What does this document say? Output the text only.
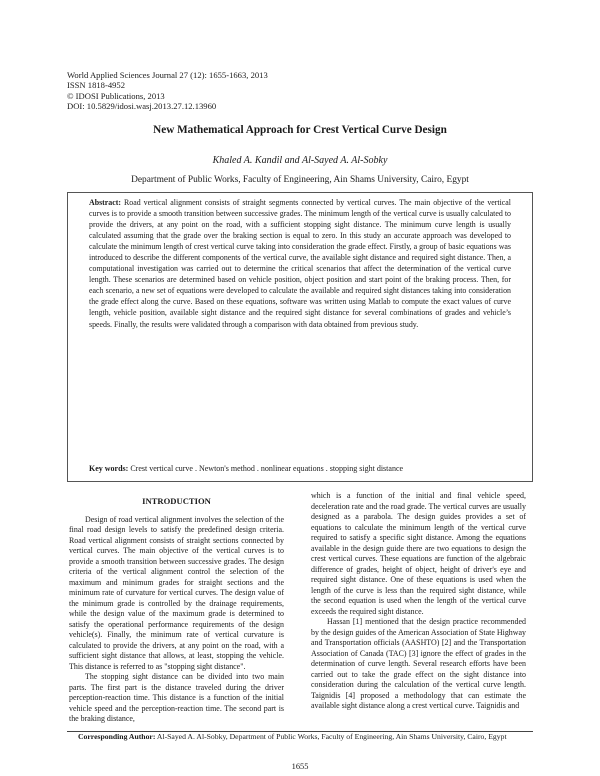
World Applied Sciences Journal 27 (12): 1655-1663, 2013
ISSN 1818-4952
© IDOSI Publications, 2013
DOI: 10.5829/idosi.wasj.2013.27.12.13960
New Mathematical Approach for Crest Vertical Curve Design
Khaled A. Kandil and Al-Sayed A. Al-Sobky
Department of Public Works, Faculty of Engineering, Ain Shams University, Cairo, Egypt
Abstract: Road vertical alignment consists of straight segments connected by vertical curves. The main objective of the vertical curves is to provide a smooth transition between successive grades. The minimum length of the vertical curve is usually calculated to provide the drivers, at any point on the road, with a sufficient stopping sight distance. The minimum curve length is usually calculated assuming that the grade over the braking section is equal to zero. In this study an accurate approach was developed to calculate the minimum length of crest vertical curve taking into consideration the grade effect. Firstly, a group of basic equations was introduced to describe the different components of the vertical curve, the available sight distance and required sight distance. Then, a computational investigation was carried out to determine the critical scenarios that affect the determination of the vertical curve length. These scenarios are determined based on vehicle position, object position and start point of the braking process. Then, for each scenario, a new set of equations were developed to calculate the available and required sight distances taking into consideration the grade effect along the curve. Based on these equations, software was written using Matlab to compute the exact values of curve length, vehicle position, available sight distance and the required sight distance for several combinations of grades and vehicle’s speeds. Finally, the results were validated through a comparison with data obtained from previous study.
Key words: Crest vertical curve . Newton's method . nonlinear equations . stopping sight distance
INTRODUCTION

Design of road vertical alignment involves the selection of the final road design levels to satisfy the predefined design criteria. Road vertical alignment consists of straight sections connected by vertical curves. The main objective of the vertical curves is to provide a smooth transition between successive grades. The design criteria of the vertical alignment control the selection of the maximum and minimum grades for straight sections and the minimum rate of curvature for vertical curves. The design value of the minimum grade is controlled by the drainage requirements, while the design value of the maximum grade is determined to satisfy the operational performance requirements of the design vehicle(s). Finally, the minimum rate of vertical curvature is calculated to provide the drivers, at any point on the road, with a sufficient sight distance that allows, at least, stopping the vehicle. This distance is referred to as "stopping sight distance".

The stopping sight distance can be divided into two main parts. The first part is the distance traveled during the driver perception-reaction time. This distance is a function of the initial vehicle speed and the perception-reaction time. The second part is the braking distance,

which is a function of the initial and final vehicle speed, deceleration rate and the road grade. The vertical curves are usually designed as a parabola. The design guides provides a set of equations to calculate the minimum length of the vertical curve required to satisfy a specific sight distance. Among the equations available in the design guide there are two equations to design the crest vertical curves. These equations are function of the algebraic difference of grades, height of object, height of driver's eye and required sight distance. One of these equations is used when the length of the curve is less than the required sight distance, while the second equation is used when the length of the vertical curve exceeds the required sight distance.

Hassan [1] mentioned that the design practice recommended by the design guides of the American Association of State Highway and Transportation officials (AASHTO) [2] and the Transportation Association of Canada (TAC) [3] ignore the effect of grades in the determination of curve length. Several research efforts have been carried out to take the grade effect on the sight distance into consideration during the calculation of the vertical curve length. Taignidis [4] proposed a methodology that can estimate the available sight distance along a crest vertical curve. Taignidis and

Corresponding Author: Al-Sayed A. Al-Sobky, Department of Public Works, Faculty of Engineering, Ain Shams University, Cairo, Egypt
1655
